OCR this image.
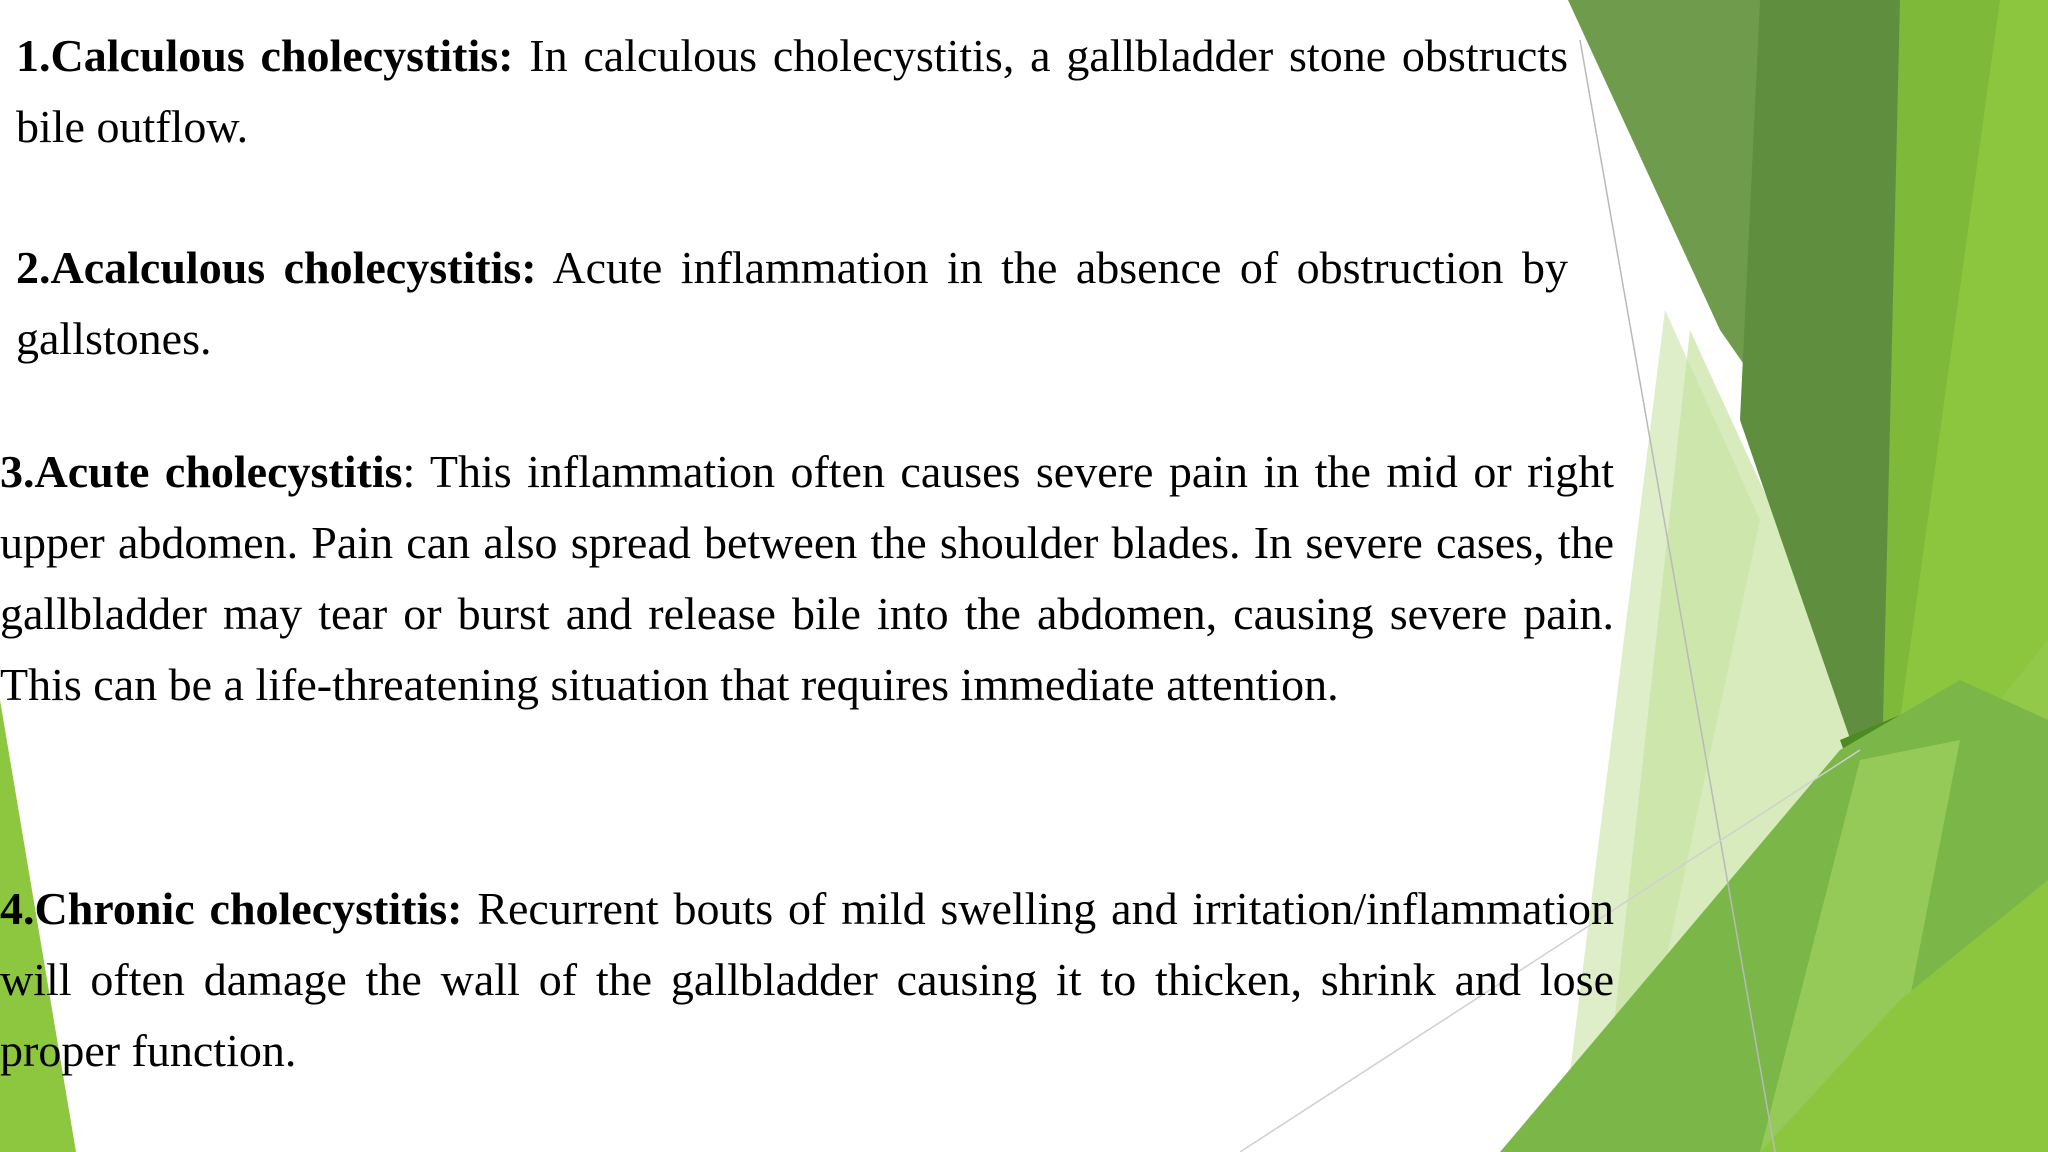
1.Calculous cholecystitis: In calculous cholecystitis, a gallbladder stone obstructs bile outflow.

2.Acalculous cholecystitis: Acute inflammation in the absence of obstruction by gallstones.

3.Acute cholecystitis: This inflammation often causes severe pain in the mid or right upper abdomen. Pain can also spread between the shoulder blades. In severe cases, the gallbladder may tear or burst and release bile into the abdomen, causing severe pain. This can be a life-threatening situation that requires immediate attention.

4.Chronic cholecystitis: Recurrent bouts of mild swelling and irritation/inflammation will often damage the wall of the gallbladder causing it to thicken, shrink and lose proper function.
